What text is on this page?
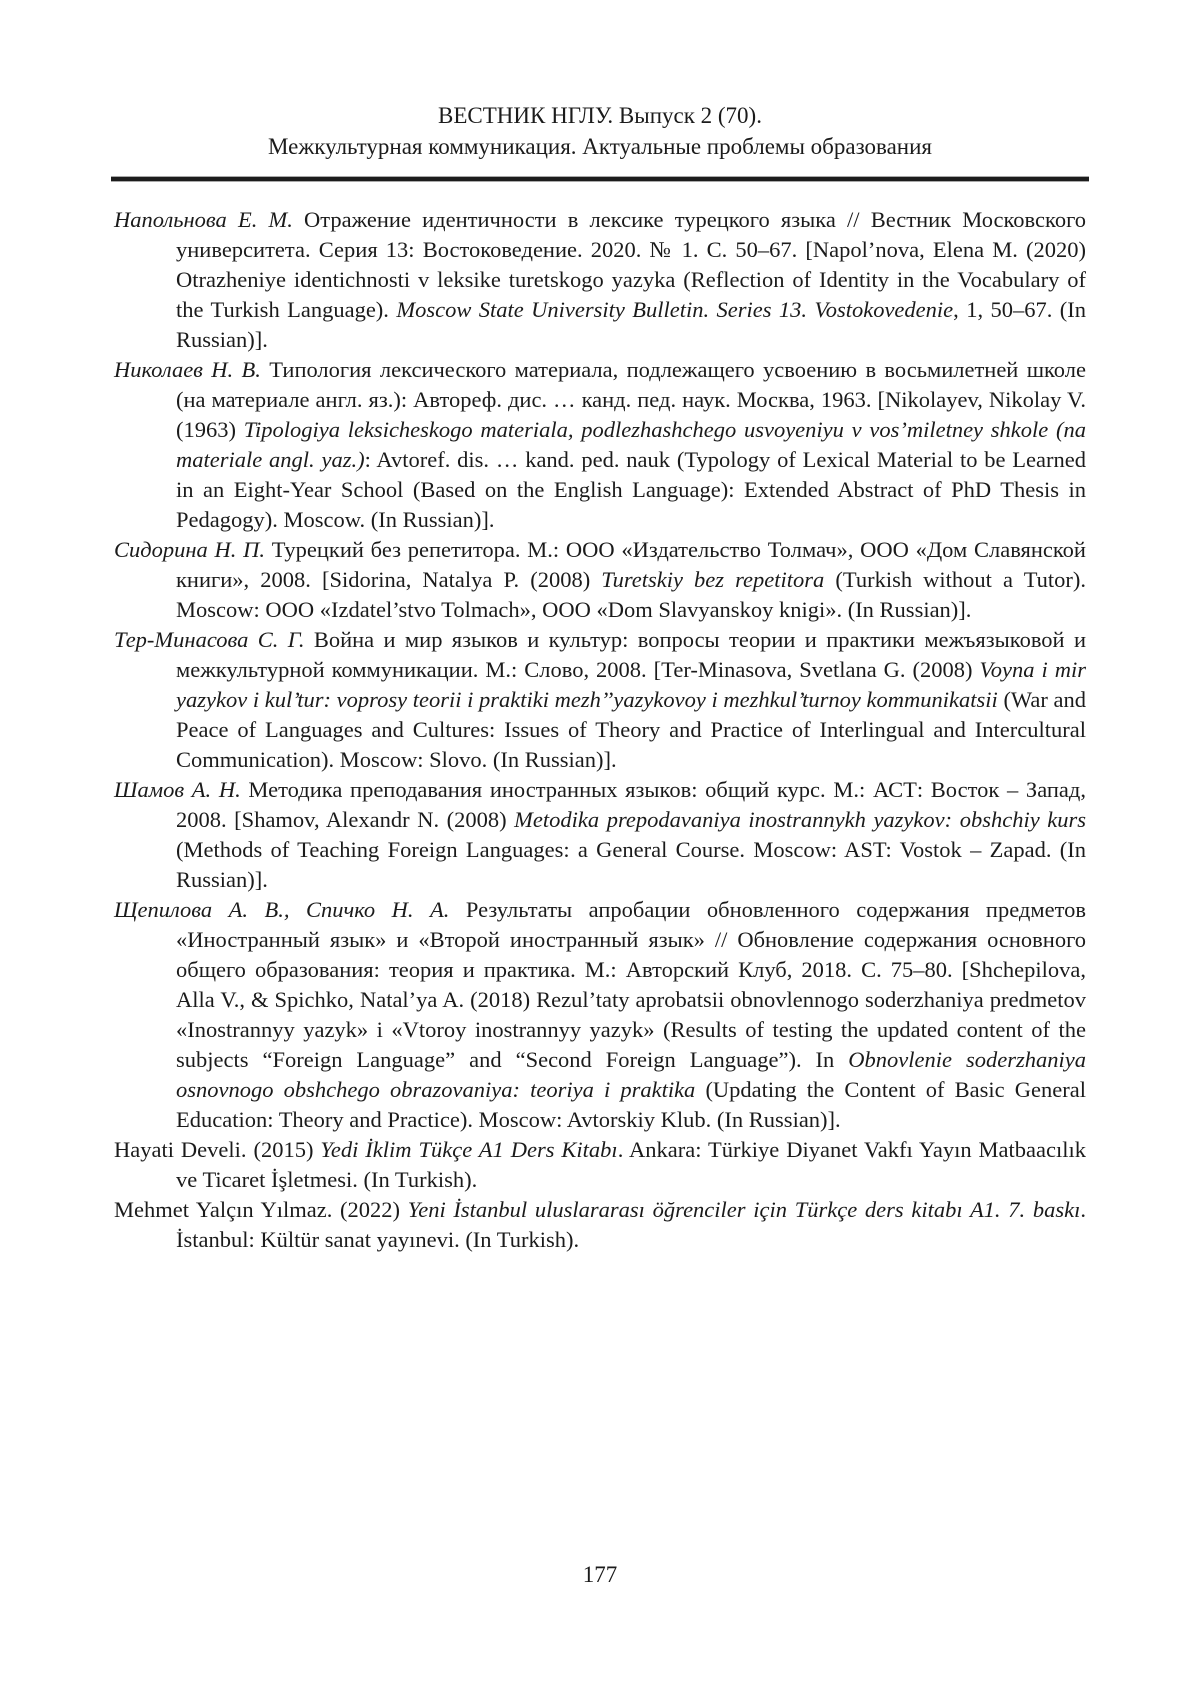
ВЕСТНИК НГЛУ. Выпуск 2 (70).
Межкультурная коммуникация. Актуальные проблемы образования

Напольнова Е. М. Отражение идентичности в лексике турецкого языка // Вестник Московского университета. Серия 13: Востоковедение. 2020. № 1. С. 50–67. [Napol’nova, Elena M. (2020) Otrazheniye identichnosti v leksike turetskogo yazyka (Reflection of Identity in the Vocabulary of the Turkish Language). Moscow State University Bulletin. Series 13. Vostokovedenie, 1, 50–67. (In Russian)].

Николаев Н. В. Типология лексического материала, подлежащего усвоению в восьмилетней школе (на материале англ. яз.): Автореф. дис. … канд. пед. наук. Москва, 1963. [Nikolayev, Nikolay V. (1963) Tipologiya leksicheskogo materiala, podlezhashchego usvoyeniyu v vos’miletney shkole (na materiale angl. yaz.): Avtoref. dis. … kand. ped. nauk (Typology of Lexical Material to be Learned in an Eight-Year School (Based on the English Language): Extended Abstract of PhD Thesis in Pedagogy). Moscow. (In Russian)].

Сидорина Н. П. Турецкий без репетитора. М.: ООО «Издательство Толмач», ООО «Дом Славянской книги», 2008. [Sidorina, Natalya P. (2008) Turetskiy bez repetitora (Turkish without a Tutor). Moscow: OOO «Izdatel’stvo Tolmach», OOO «Dom Slavyanskoy knigi». (In Russian)].

Тер-Минасова С. Г. Война и мир языков и культур: вопросы теории и практики межъязыковой и межкультурной коммуникации. М.: Слово, 2008. [Ter-Minasova, Svetlana G. (2008) Voyna i mir yazykov i kul’tur: voprosy teorii i praktiki mezh’’yazykovoy i mezhkul’turnoy kommunikatsii (War and Peace of Languages and Cultures: Issues of Theory and Practice of Interlingual and Intercultural Communication). Moscow: Slovo. (In Russian)].

Шамов А. Н. Методика преподавания иностранных языков: общий курс. М.: АСТ: Восток – Запад, 2008. [Shamov, Alexandr N. (2008) Metodika prepodavaniya inostrannykh yazykov: obshchiy kurs (Methods of Teaching Foreign Languages: a General Course. Moscow: AST: Vostok – Zapad. (In Russian)].

Щепилова А. В., Спичко Н. А. Результаты апробации обновленного содержания предметов «Иностранный язык» и «Второй иностранный язык» // Обновление содержания основного общего образования: теория и практика. М.: Авторский Клуб, 2018. С. 75–80. [Shchepilova, Alla V., & Spichko, Natal’ya A. (2018) Rezul’taty aprobatsii obnovlennogo soderzhaniya predmetov «Inostrannyy yazyk» i «Vtoroy inostrannyy yazyk» (Results of testing the updated content of the subjects “Foreign Language” and “Second Foreign Language”). In Obnovlenie soderzhaniya osnovnogo obshchego obrazovaniya: teoriya i praktika (Updating the Content of Basic General Education: Theory and Practice). Moscow: Avtorskiy Klub. (In Russian)].

Hayati Develi. (2015) Yedi İklim Tükçe A1 Ders Kitabı. Ankara: Türkiye Diyanet Vakfı Yayın Matbaacılık ve Ticaret İşletmesi. (In Turkish).

Mehmet Yalçın Yılmaz. (2022) Yeni İstanbul uluslararası öğrenciler için Türkçe ders kitabı A1. 7. baskı. İstanbul: Kültür sanat yayınevi. (In Turkish).

177
